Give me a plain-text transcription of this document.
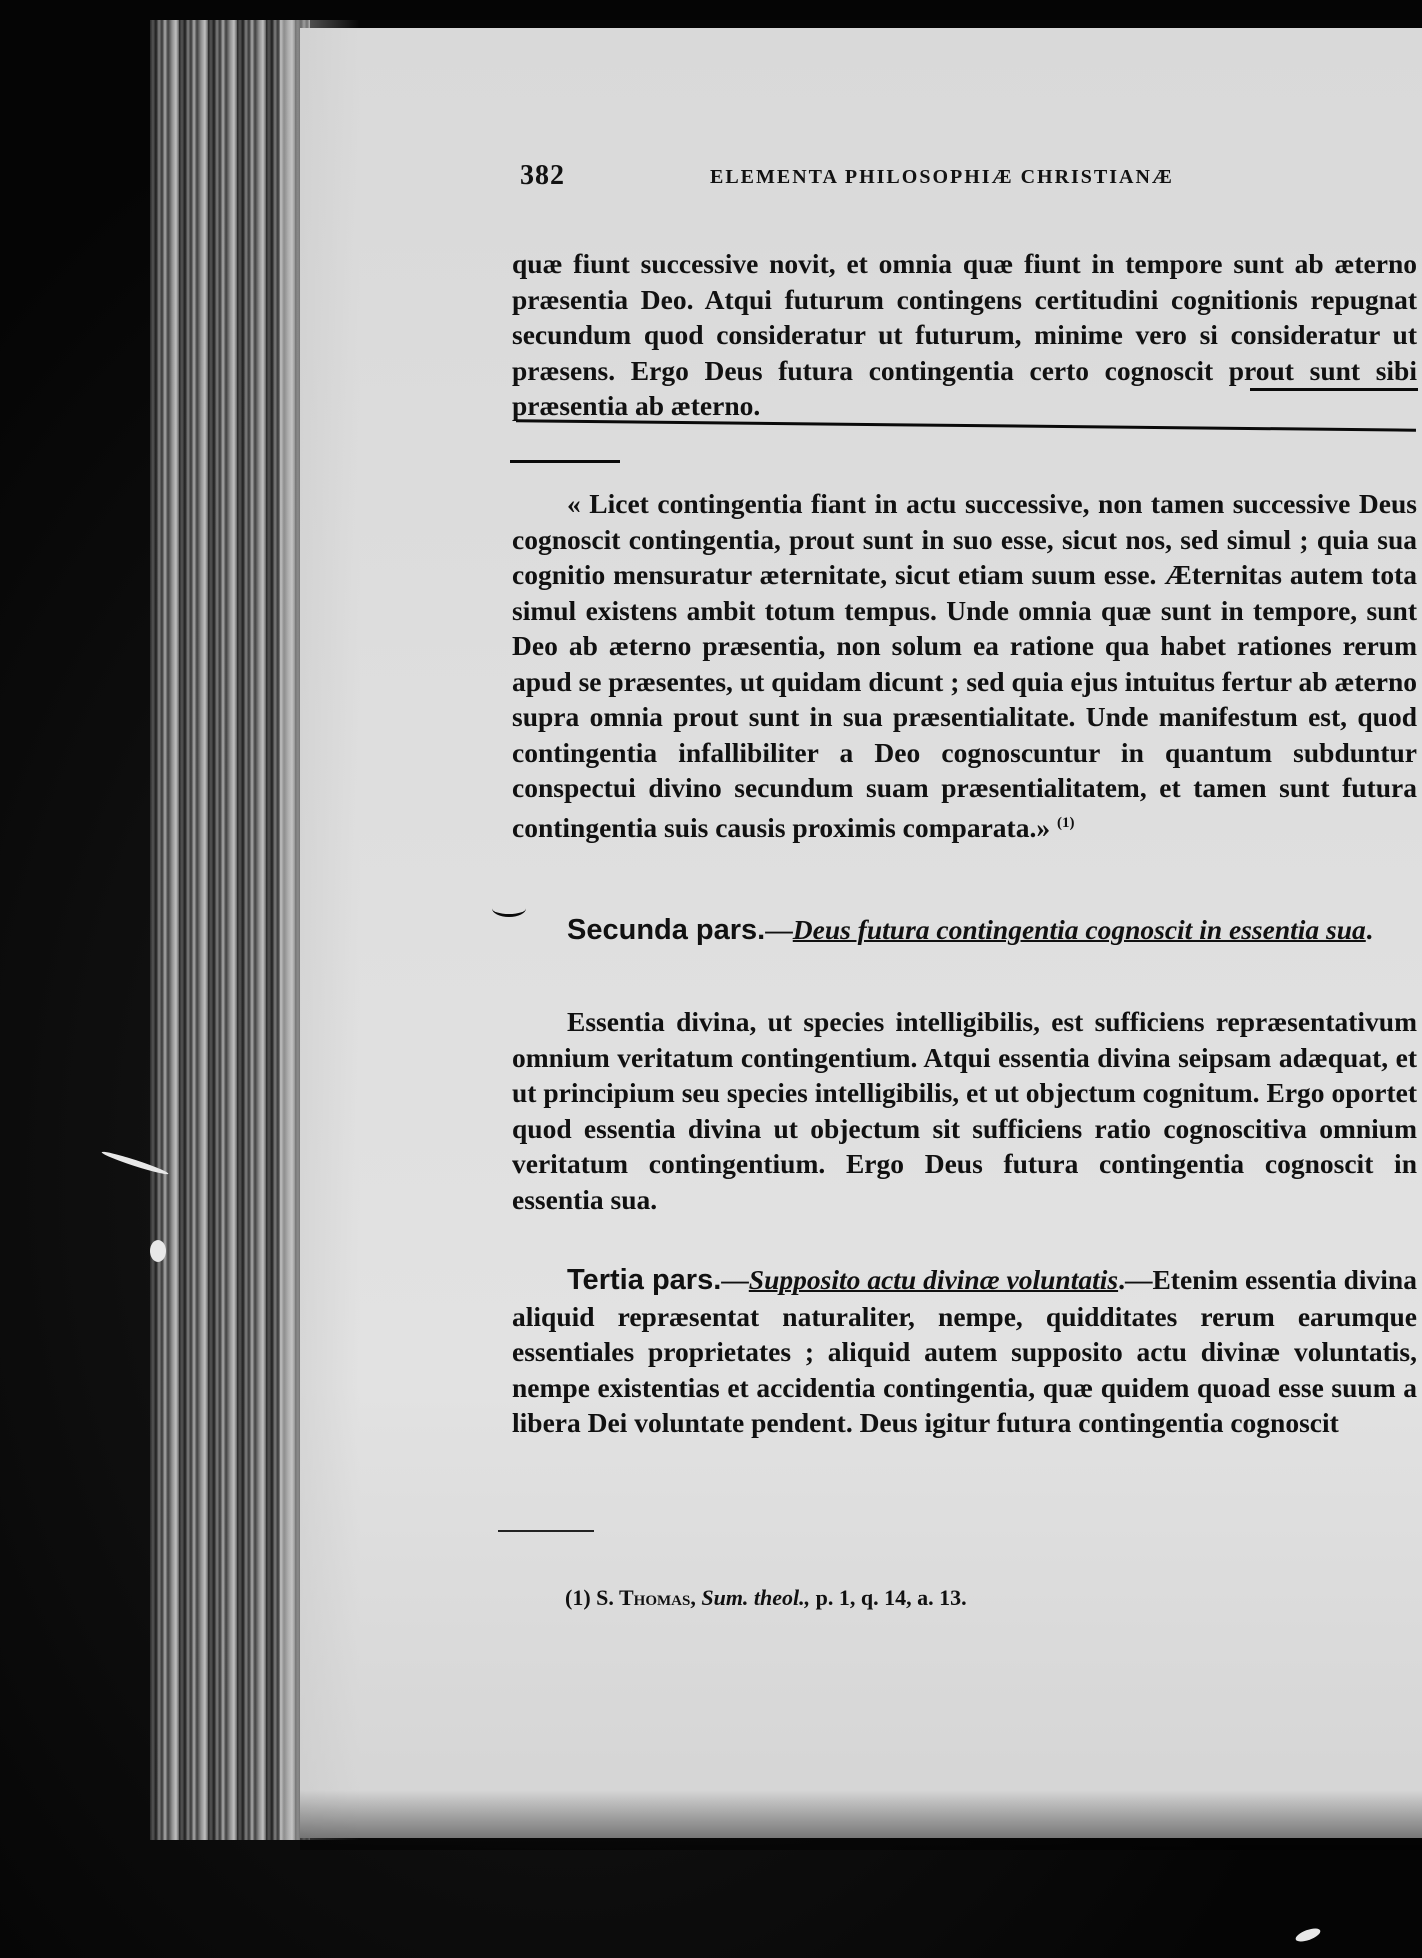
382	ELEMENTA PHILOSOPHIÆ CHRISTIANÆ

quæ fiunt successive novit, et omnia quæ fiunt in tempore sunt ab æterno præsentia Deo. Atqui futurum contingens certitudini cognitionis repugnat secundum quod consideratur ut futurum, minime vero si consideratur ut præsens. Ergo Deus futura contingentia certo cognoscit prout sunt sibi præsentia ab æterno.

« Licet contingentia fiant in actu successive, non tamen successive Deus cognoscit contingentia, prout sunt in suo esse, sicut nos, sed simul ; quia sua cognitio mensuratur æternitate, sicut etiam suum esse. Æternitas autem tota simul existens ambit totum tempus. Unde omnia quæ sunt in tempore, sunt Deo ab æterno præsentia, non solum ea ratione qua habet rationes rerum apud se præsentes, ut quidam dicunt ; sed quia ejus intuitus fertur ab æterno supra omnia prout sunt in sua præsentialitate. Unde manifestum est, quod contingentia infallibiliter a Deo cognoscuntur in quantum subduntur conspectui divino secundum suam præsentialitatem, et tamen sunt futura contingentia suis causis proximis comparata.» $^{(1)}$

Secunda pars.—Deus futura contingentia cognoscit in essentia sua.

Essentia divina, ut species intelligibilis, est sufficiens repræsentativum omnium veritatum contingentium. Atqui essentia divina seipsam adæquat, et ut principium seu species intelligibilis, et ut objectum cognitum. Ergo oportet quod essentia divina ut objectum sit sufficiens ratio cognoscitiva omnium veritatum contingentium. Ergo Deus futura contingentia cognoscit in essentia sua.

Tertia pars.—Supposito actu divinæ voluntatis.—Etenim essentia divina aliquid repræsentat naturaliter, nempe, quidditates rerum earumque essentiales proprietates ; aliquid autem supposito actu divinæ voluntatis, nempe existentias et accidentia contingentia, quæ quidem quoad esse suum a libera Dei voluntate pendent. Deus igitur futura contingentia cognoscit

(1) S. Thomas, Sum. theol., p. 1, q. 14, a. 13.
